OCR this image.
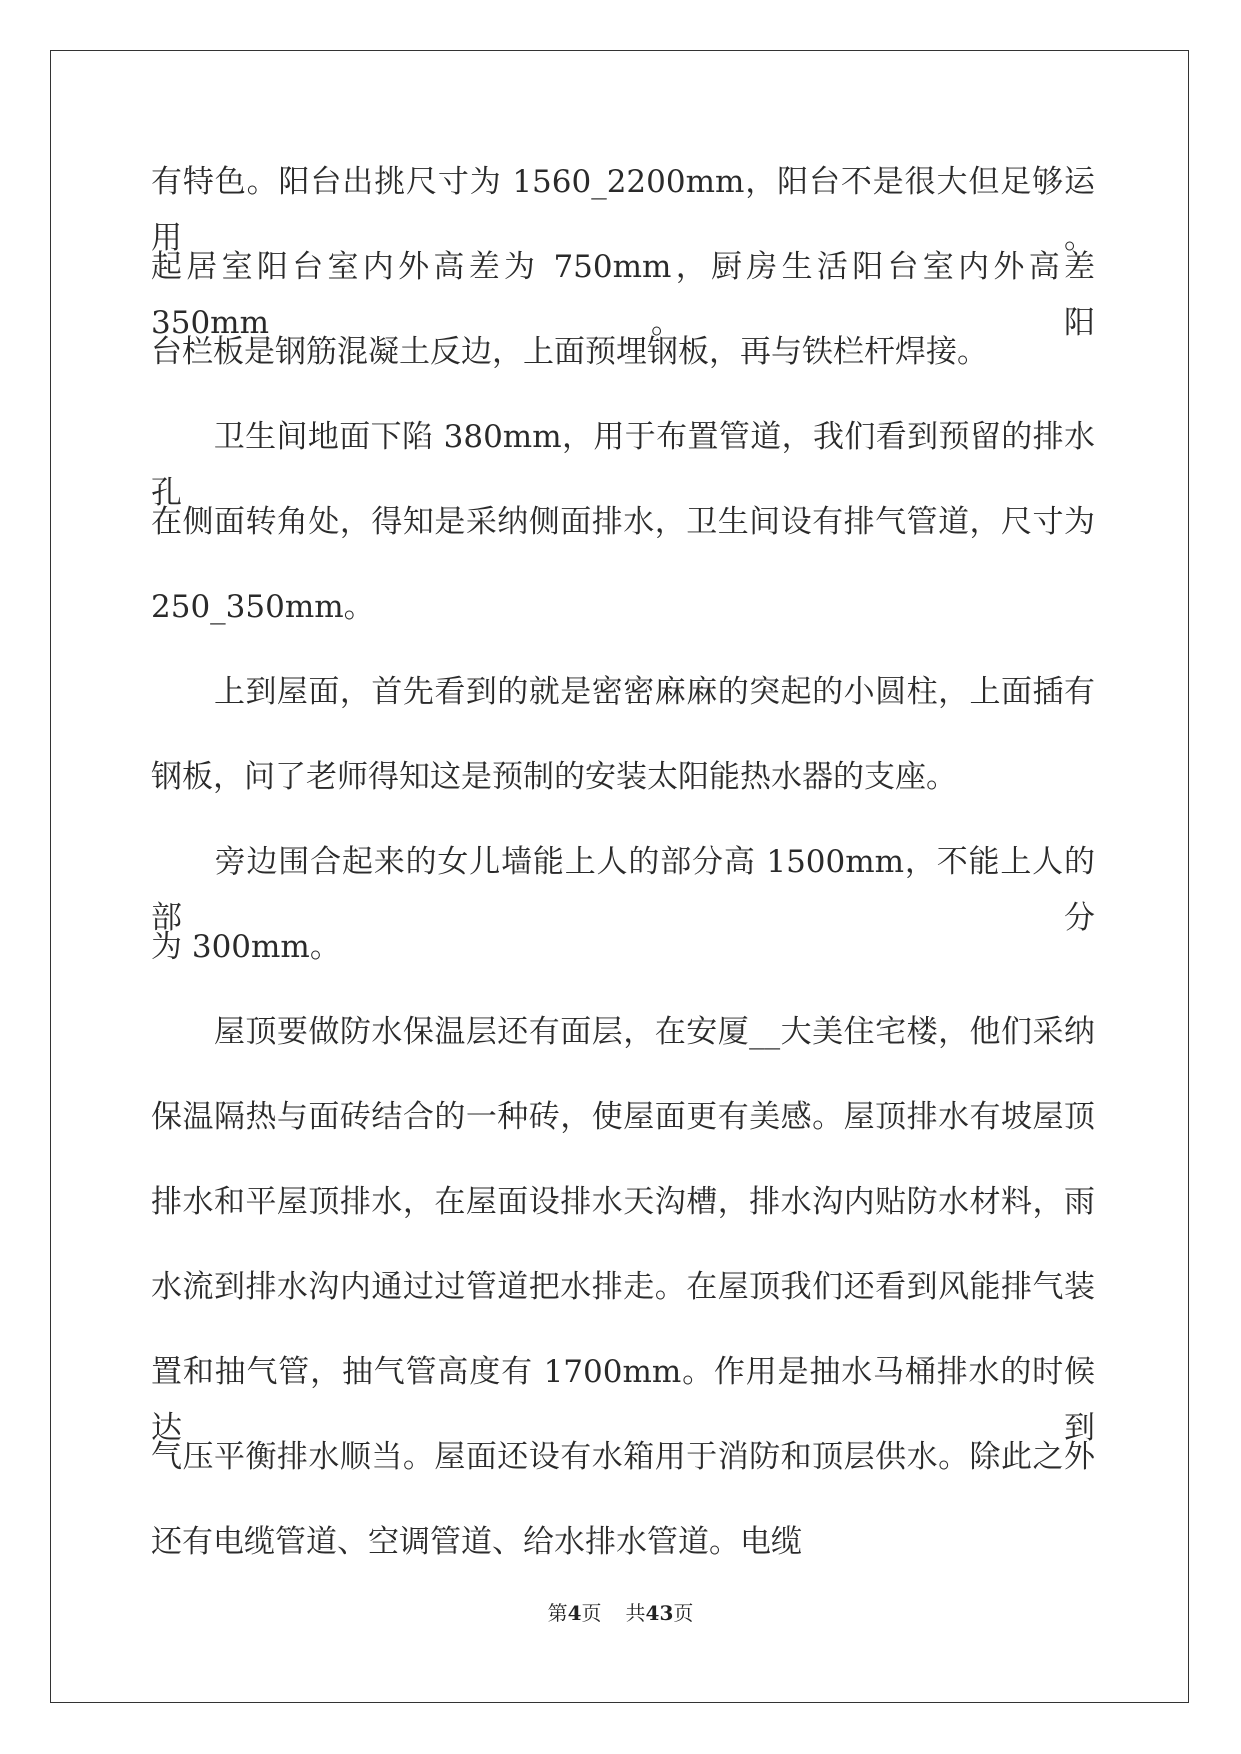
有特色。阳台出挑尺寸为 1560_2200mm，阳台不是很大但足够运用。
起居室阳台室内外高差为 750mm，厨房生活阳台室内外高差 350mm。阳
台栏板是钢筋混凝土反边，上面预埋钢板，再与铁栏杆焊接。
　　卫生间地面下陷 380mm，用于布置管道，我们看到预留的排水孔
在侧面转角处，得知是采纳侧面排水，卫生间设有排气管道，尺寸为
250_350mm。
　　上到屋面，首先看到的就是密密麻麻的突起的小圆柱，上面插有
钢板，问了老师得知这是预制的安装太阳能热水器的支座。
　　旁边围合起来的女儿墙能上人的部分高 1500mm，不能上人的部分
为 300mm。
　　屋顶要做防水保温层还有面层，在安厦__大美住宅楼，他们采纳
保温隔热与面砖结合的一种砖，使屋面更有美感。屋顶排水有坡屋顶
排水和平屋顶排水，在屋面设排水天沟槽，排水沟内贴防水材料，雨
水流到排水沟内通过过管道把水排走。在屋顶我们还看到风能排气装
置和抽气管，抽气管高度有 1700mm。作用是抽水马桶排水的时候达到
气压平衡排水顺当。屋面还设有水箱用于消防和顶层供水。除此之外
还有电缆管道、空调管道、给水排水管道。电缆
第4页 共43页
